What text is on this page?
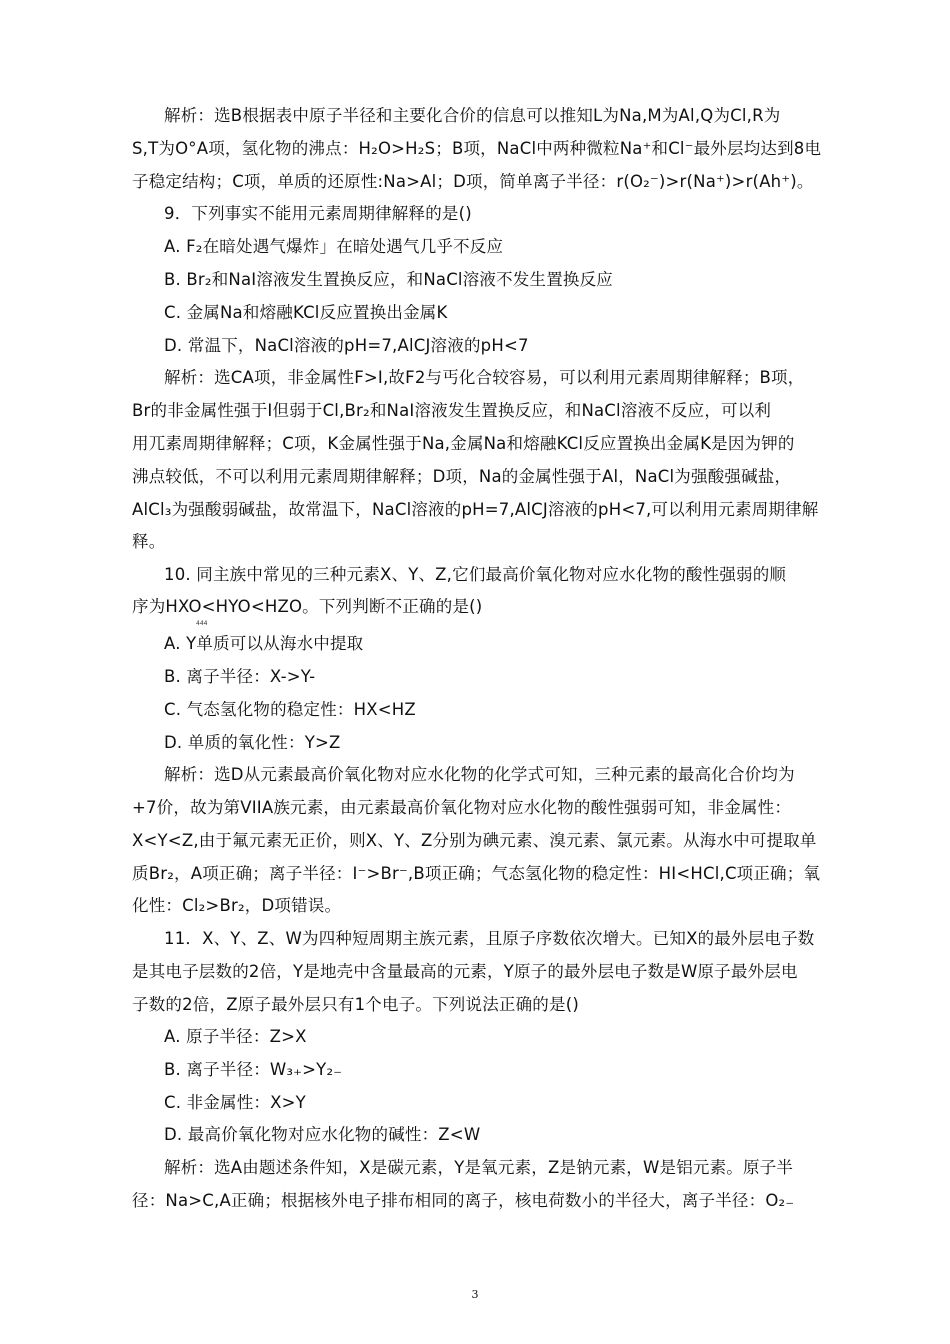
解析：选B根据表中原子半径和主要化合价的信息可以推知L为Na,M为Al,Q为Cl,R为
S,T为O°A项，氢化物的沸点：H₂O>H₂S；B项，NaCl中两种微粒Na⁺和Cl⁻最外层均达到8电
子稳定结构；C项，单质的还原性:Na>Al；D项，简单离子半径：r(O₂⁻)>r(Na⁺)>r(Ah⁺)。
9．下列事实不能用元素周期律解释的是()
A. F₂在暗处遇气爆炸」在暗处遇气几乎不反应
B. Br₂和NaI溶液发生置换反应，和NaCl溶液不发生置换反应
C. 金属Na和熔融KCl反应置换出金属K
D. 常温下，NaCl溶液的pH=7,AlCJ溶液的pH<7
解析：选CA项，非金属性F>I,故F2与丐化合较容易，可以利用元素周期律解释；B项，
Br的非金属性强于I但弱于Cl,Br₂和NaI溶液发生置换反应，和NaCl溶液不反应，可以利
用兀素周期律解释；C项，K金属性强于Na,金属Na和熔融KCl反应置换出金属K是因为钾的
沸点较低，不可以利用元素周期律解释；D项，Na的金属性强于Al，NaCl为强酸强碱盐，
AlCl₃为强酸弱碱盐，故常温下，NaCl溶液的pH=7,AlCJ溶液的pH<7,可以利用元素周期律解
释。
10. 同主族中常见的三种元素X、Y、Z,它们最高价氧化物对应水化物的酸性强弱的顺
序为HXO<HYO<HZO。下列判断不正确的是()
444
A. Y单质可以从海水中提取
B. 离子半径：X->Y-
C. 气态氢化物的稳定性：HX<HZ
D. 单质的氧化性：Y>Z
解析：选D从元素最高价氧化物对应水化物的化学式可知，三种元素的最高化合价均为
+7价，故为第VIIA族元素，由元素最高价氧化物对应水化物的酸性强弱可知，非金属性：
X<Y<Z,由于氟元素无正价，则X、Y、Z分别为碘元素、溴元素、氯元素。从海水中可提取单
质Br₂，A项正确；离子半径：I⁻>Br⁻,B项正确；气态氢化物的稳定性：HI<HCl,C项正确；氧
化性：Cl₂>Br₂，D项错误。
11．X、Y、Z、W为四种短周期主族元素，且原子序数依次增大。已知X的最外层电子数
是其电子层数的2倍，Y是地壳中含量最高的元素，Y原子的最外层电子数是W原子最外层电
子数的2倍，Z原子最外层只有1个电子。下列说法正确的是()
A. 原子半径：Z>X
B. 离子半径：W₃₊>Y₂₋
C. 非金属性：X>Y
D. 最高价氧化物对应水化物的碱性：Z<W
解析：选A由题述条件知，X是碳元素，Y是氧元素，Z是钠元素，W是铝元素。原子半
径：Na>C,A正确；根据核外电子排布相同的离子，核电荷数小的半径大，离子半径：O₂₋
3
